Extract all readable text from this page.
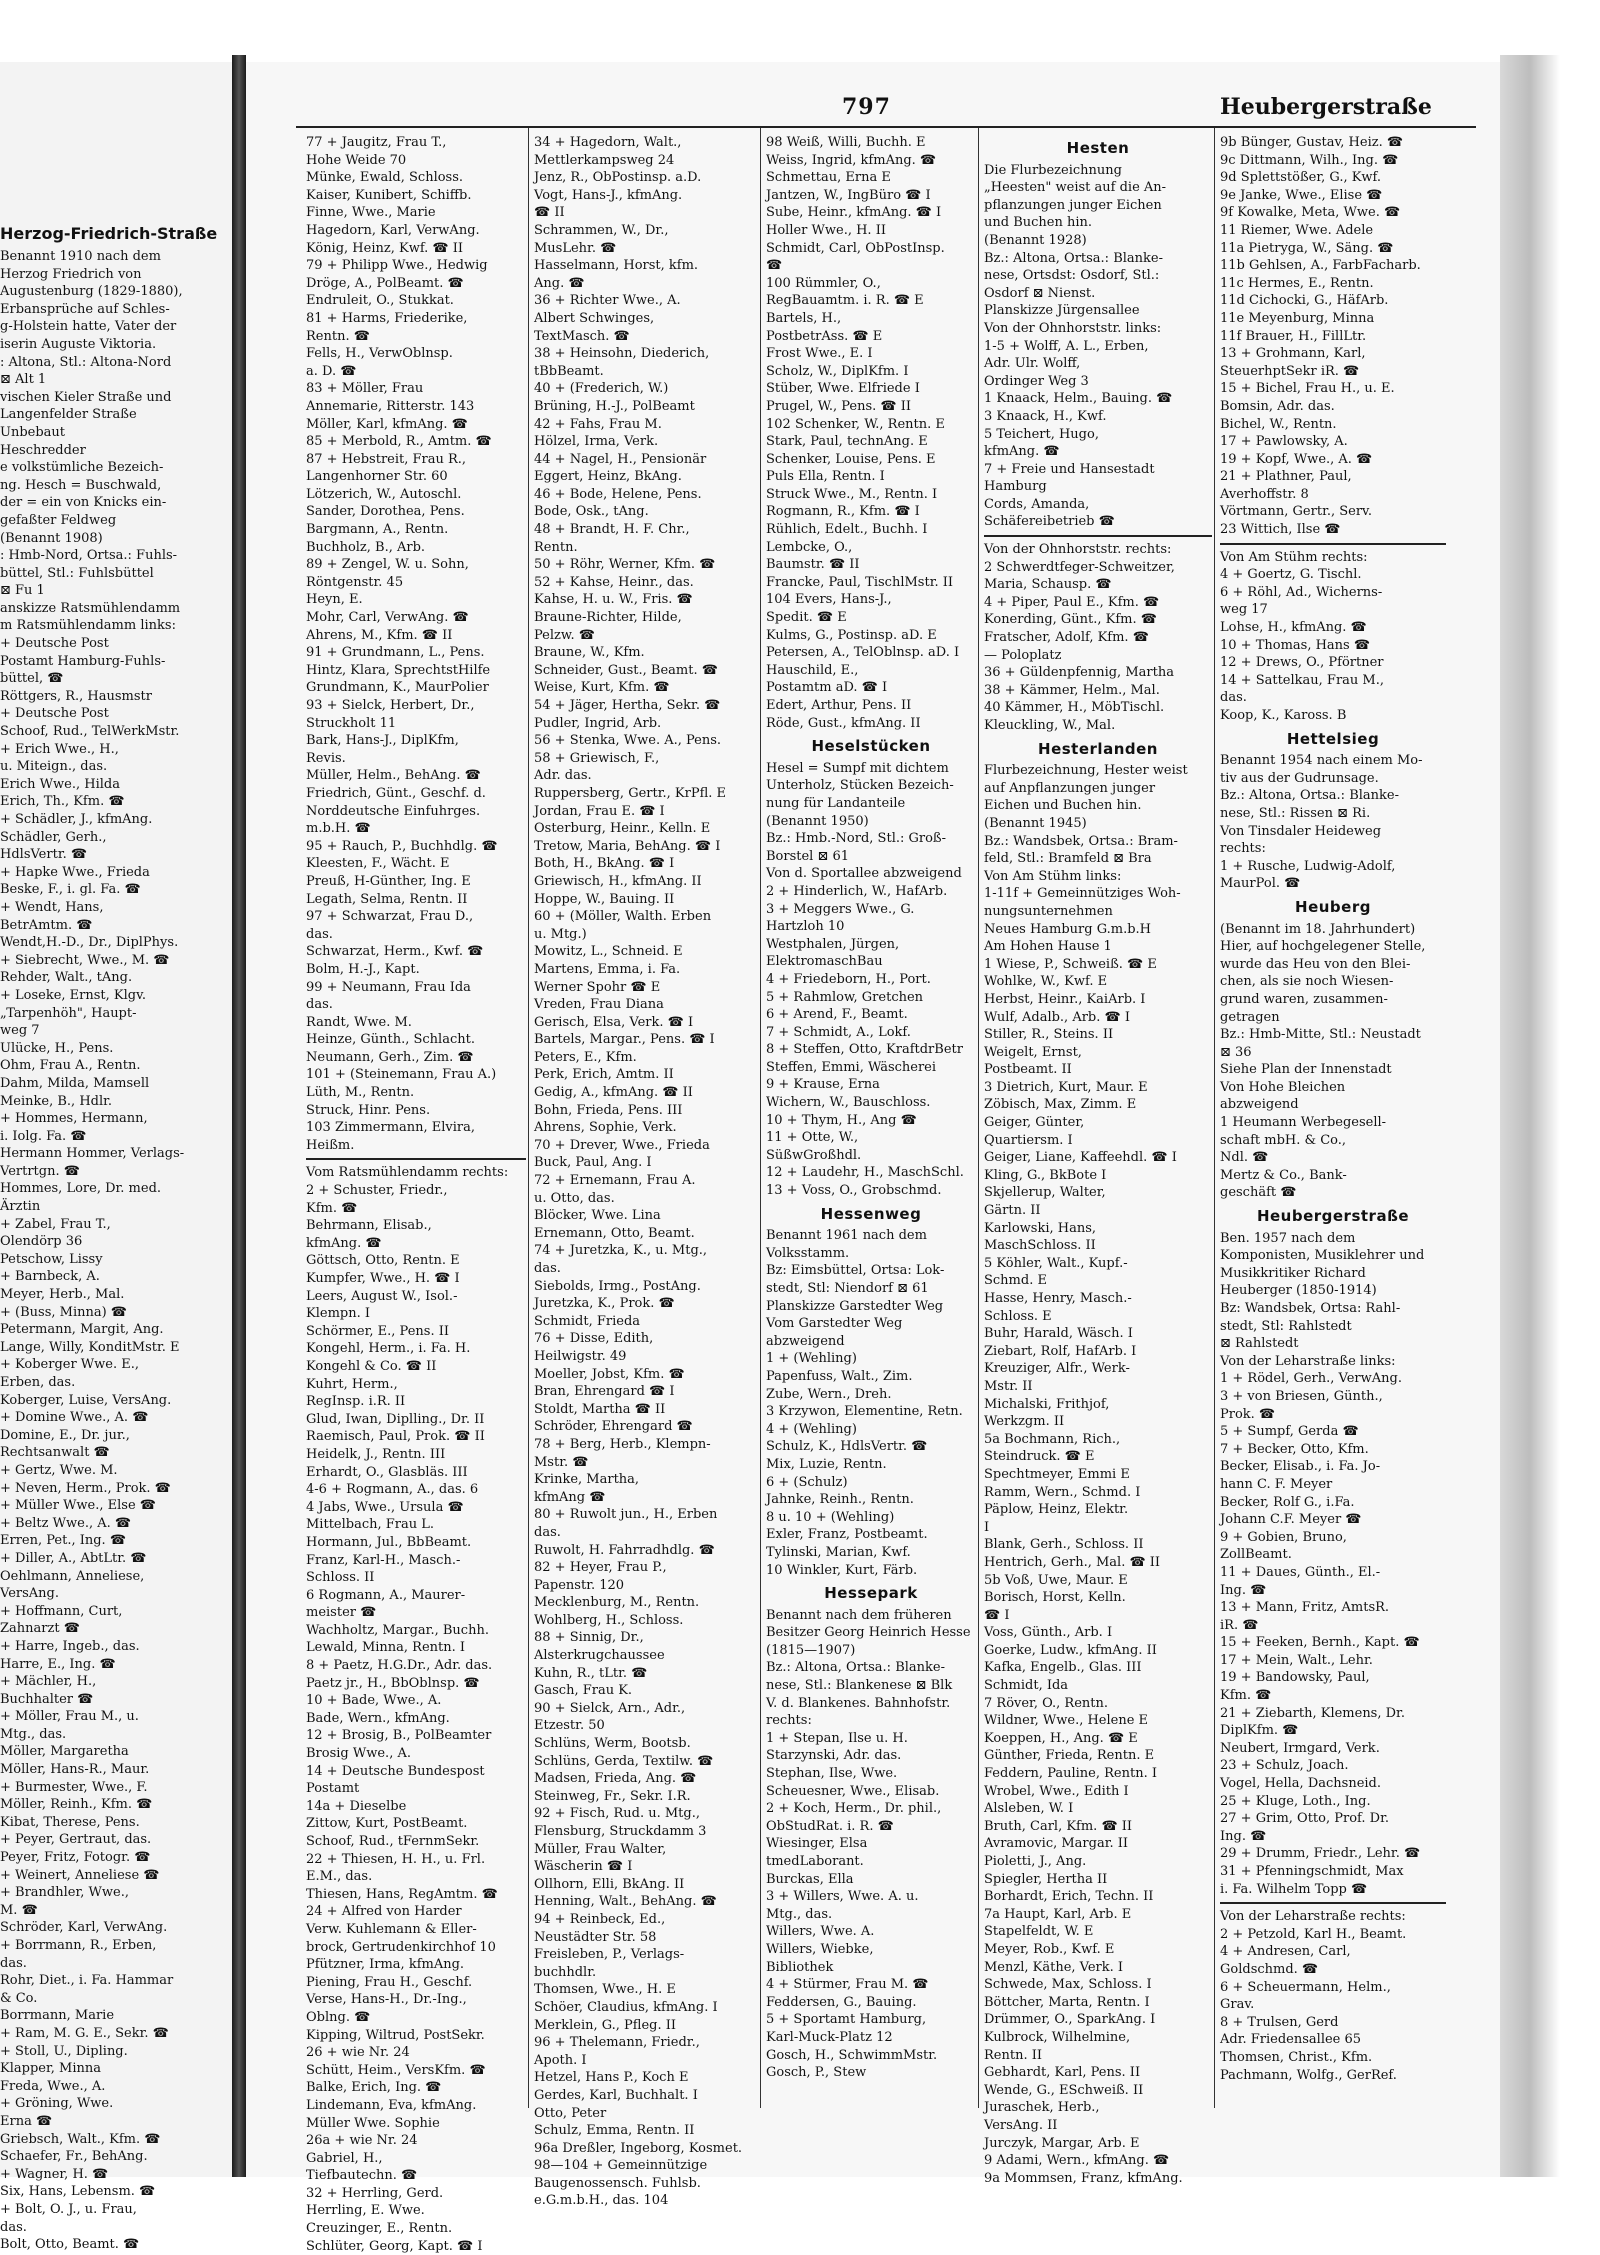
Herzog-Friedrich-Straße
Benannt 1910 nach dem
Herzog Friedrich von
Augustenburg (1829-1880),
Erbansprüche auf Schles-
g-Holstein hatte, Vater der
iserin Auguste Viktoria.
: Altona, Stl.: Altona-Nord
⊠ Alt 1
vischen Kieler Straße und
Langenfelder Straße
Unbebaut
Heschredder
e volkstümliche Bezeich-
ng. Hesch = Buschwald,
der = ein von Knicks ein-
gefaßter Feldweg
(Benannt 1908)
: Hmb-Nord, Ortsa.: Fuhls-
büttel, Stl.: Fuhlsbüttel
⊠ Fu 1
anskizze Ratsmühlendamm
m Ratsmühlendamm links:
+ Deutsche Post
Postamt Hamburg-Fuhls-
büttel, ☎
Röttgers, R., Hausmstr
+ Deutsche Post
Schoof, Rud., TelWerkMstr.
+ Erich Wwe., H.,
u. Miteign., das.
Erich Wwe., Hilda
Erich, Th., Kfm. ☎
+ Schädler, J., kfmAng.
Schädler, Gerh.,
HdlsVertr. ☎
+ Hapke Wwe., Frieda
Beske, F., i. gl. Fa. ☎
+ Wendt, Hans,
BetrAmtm. ☎
Wendt,H.-D., Dr., DiplPhys.
+ Siebrecht, Wwe., M. ☎
Rehder, Walt., tAng.
+ Loseke, Ernst, Klgv.
„Tarpenhöh", Haupt-
weg 7
Ulücke, H., Pens.
Ohm, Frau A., Rentn.
Dahm, Milda, Mamsell
Meinke, B., Hdlr.
+ Hommes, Hermann,
i. Iolg. Fa. ☎
Hermann Hommer, Verlags-
Vertrtgn. ☎
Hommes, Lore, Dr. med.
Ärztin
+ Zabel, Frau T.,
Olendörp 36
Petschow, Lissy
+ Barnbeck, A.
Meyer, Herb., Mal.
+ (Buss, Minna) ☎
Petermann, Margit, Ang.
Lange, Willy, KonditMstr. E
+ Koberger Wwe. E.,
Erben, das.
Koberger, Luise, VersAng.
+ Domine Wwe., A. ☎
Domine, E., Dr. jur.,
Rechtsanwalt ☎
+ Gertz, Wwe. M.
+ Neven, Herm., Prok. ☎
+ Müller Wwe., Else ☎
+ Beltz Wwe., A. ☎
Erren, Pet., Ing. ☎
+ Diller, A., AbtLtr. ☎
Oehlmann, Anneliese,
VersAng.
+ Hoffmann, Curt,
Zahnarzt ☎
+ Harre, Ingeb., das.
Harre, E., Ing. ☎
+ Mächler, H.,
Buchhalter ☎
+ Möller, Frau M., u.
Mtg., das.
Möller, Margaretha
Möller, Hans-R., Maur.
+ Burmester, Wwe., F.
Möller, Reinh., Kfm. ☎
Kibat, Therese, Pens.
+ Peyer, Gertraut, das.
Peyer, Fritz, Fotogr. ☎
+ Weinert, Anneliese ☎
+ Brandhler, Wwe.,
M. ☎
Schröder, Karl, VerwAng.
+ Borrmann, R., Erben,
das.
Rohr, Diet., i. Fa. Hammar
& Co.
Borrmann, Marie
+ Ram, M. G. E., Sekr. ☎
+ Stoll, U., Dipling.
Klapper, Minna
Freda, Wwe., A.
+ Gröning, Wwe.
Erna ☎
Griebsch, Walt., Kfm. ☎
Schaefer, Fr., BehAng.
+ Wagner, H. ☎
Six, Hans, Lebensm. ☎
+ Bolt, O. J., u. Frau,
das.
Bolt, Otto, Beamt. ☎
797	Heubergerstraße
77 + Jaugitz, Frau T.,
Hohe Weide 70
Münke, Ewald, Schloss.
Kaiser, Kunibert, Schiffb.
Finne, Wwe., Marie
Hagedorn, Karl, VerwAng.
König, Heinz, Kwf. ☎ II
79 + Philipp Wwe., Hedwig
Dröge, A., PolBeamt. ☎
Endruleit, O., Stukkat.
81 + Harms, Friederike,
Rentn. ☎
Fells, H., VerwOblnsp.
a. D. ☎
83 + Möller, Frau
Annemarie, Ritterstr. 143
Möller, Karl, kfmAng. ☎
85 + Merbold, R., Amtm. ☎
87 + Hebstreit, Frau R.,
Langenhorner Str. 60
Lötzerich, W., Autoschl.
Sander, Dorothea, Pens.
Bargmann, A., Rentn.
Buchholz, B., Arb.
89 + Zengel, W. u. Sohn,
Röntgenstr. 45
Heyn, E.
Mohr, Carl, VerwAng. ☎
Ahrens, M., Kfm. ☎ II
91 + Grundmann, L., Pens.
Hintz, Klara, SprechtstHilfe
Grundmann, K., MaurPolier
93 + Sielck, Herbert, Dr.,
Struckholt 11
Bark, Hans-J., DiplKfm,
Revis.
Müller, Helm., BehAng. ☎
Friedrich, Günt., Geschf. d.
Norddeutsche Einfuhrges.
m.b.H. ☎
95 + Rauch, P., Buchhdlg. ☎
Kleesten, F., Wächt. E
Preuß, H-Günther, Ing. E
Legath, Selma, Rentn. II
97 + Schwarzat, Frau D.,
das.
Schwarzat, Herm., Kwf. ☎
Bolm, H.-J., Kapt.
99 + Neumann, Frau Ida
das.
Randt, Wwe. M.
Heinze, Günth., Schlacht.
Neumann, Gerh., Zim. ☎
101 + (Steinemann, Frau A.)
Lüth, M., Rentn.
Struck, Hinr. Pens.
103 Zimmermann, Elvira,
Heißm.
Vom Ratsmühlendamm rechts:
2 + Schuster, Friedr.,
Kfm. ☎
Behrmann, Elisab.,
kfmAng. ☎
Göttsch, Otto, Rentn. E
Kumpfer, Wwe., H. ☎ I
Leers, August W., Isol.-
Klempn. I
Schörmer, E., Pens. II
Kongehl, Herm., i. Fa. H.
Kongehl & Co. ☎ II
Kuhrt, Herm.,
RegInsp. i.R. II
Glud, Iwan, Diplling., Dr. II
Raemisch, Paul, Prok. ☎ II
Heidelk, J., Rentn. III
Erhardt, O., Glasbläs. III
4-6 + Rogmann, A., das. 6
4 Jabs, Wwe., Ursula ☎
Mittelbach, Frau L.
Hormann, Jul., BbBeamt.
Franz, Karl-H., Masch.-
Schloss. II
6 Rogmann, A., Maurer-
meister ☎
Wachholtz, Margar., Buchh.
Lewald, Minna, Rentn. I
8 + Paetz, H.G.Dr., Adr. das.
Paetz jr., H., BbOblnsp. ☎
10 + Bade, Wwe., A.
Bade, Wern., kfmAng.
12 + Brosig, B., PolBeamter
Brosig Wwe., A.
14 + Deutsche Bundespost
Postamt
14a + Dieselbe
Zittow, Kurt, PostBeamt.
Schoof, Rud., tFernmSekr.
22 + Thiesen, H. H., u. Frl.
E.M., das.
Thiesen, Hans, RegAmtm. ☎
24 + Alfred von Harder
Verw. Kuhlemann & Eller-
brock, Gertrudenkirchhof 10
Pfützner, Irma, kfmAng.
Piening, Frau H., Geschf.
Verse, Hans-H., Dr.-Ing.,
Oblng. ☎
Kipping, Wiltrud, PostSekr.
26 + wie Nr. 24
Schütt, Heim., VersKfm. ☎
Balke, Erich, Ing. ☎
Lindemann, Eva, kfmAng.
Müller Wwe. Sophie
26a + wie Nr. 24
Gabriel, H.,
Tiefbautechn. ☎
32 + Herrling, Gerd.
Herrling, E. Wwe.
Creuzinger, E., Rentn.
Schlüter, Georg, Kapt. ☎ I
34 + Hagedorn, Walt.,
Mettlerkampsweg 24
Jenz, R., ObPostinsp. a.D.
Vogt, Hans-J., kfmAng.
☎ II
Schrammen, W., Dr.,
MusLehr. ☎
Hasselmann, Horst, kfm.
Ang. ☎
36 + Richter Wwe., A.
Albert Schwinges,
TextMasch. ☎
38 + Heinsohn, Diederich,
tBbBeamt.
40 + (Frederich, W.)
Brüning, H.-J., PolBeamt
42 + Fahs, Frau M.
Hölzel, Irma, Verk.
44 + Nagel, H., Pensionär
Eggert, Heinz, BkAng.
46 + Bode, Helene, Pens.
Bode, Osk., tAng.
48 + Brandt, H. F. Chr.,
Rentn.
50 + Röhr, Werner, Kfm. ☎
52 + Kahse, Heinr., das.
Kahse, H. u. W., Fris. ☎
Braune-Richter, Hilde,
Pelzw. ☎
Braune, W., Kfm.
Schneider, Gust., Beamt. ☎
Weise, Kurt, Kfm. ☎
54 + Jäger, Hertha, Sekr. ☎
Pudler, Ingrid, Arb.
56 + Stenka, Wwe. A., Pens.
58 + Griewisch, F.,
Adr. das.
Ruppersberg, Gertr., KrPfl. E
Jordan, Frau E. ☎ I
Osterburg, Heinr., Kelln. E
Tretow, Maria, BehAng. ☎ I
Both, H., BkAng. ☎ I
Griewisch, H., kfmAng. II
Hoppe, W., Bauing. II
60 + (Möller, Walth. Erben
u. Mtg.)
Mowitz, L., Schneid. E
Martens, Emma, i. Fa.
Werner Spohr ☎ E
Vreden, Frau Diana
Gerisch, Elsa, Verk. ☎ I
Bartels, Margar., Pens. ☎ I
Peters, E., Kfm.
Perk, Erich, Amtm. II
Gedig, A., kfmAng. ☎ II
Bohn, Frieda, Pens. III
Ahrens, Sophie, Verk.
70 + Drever, Wwe., Frieda
Buck, Paul, Ang. I
72 + Ernemann, Frau A.
u. Otto, das.
Blöcker, Wwe. Lina
Ernemann, Otto, Beamt.
74 + Juretzka, K., u. Mtg.,
das.
Siebolds, Irmg., PostAng.
Juretzka, K., Prok. ☎
Schmidt, Frieda
76 + Disse, Edith,
Heilwigstr. 49
Moeller, Jobst, Kfm. ☎
Bran, Ehrengard ☎ I
Stoldt, Martha ☎ II
Schröder, Ehrengard ☎
78 + Berg, Herb., Klempn-
Mstr. ☎
Krinke, Martha,
kfmAng ☎
80 + Ruwolt jun., H., Erben
das.
Ruwolt, H. Fahrradhdlg. ☎
82 + Heyer, Frau P.,
Papenstr. 120
Mecklenburg, M., Rentn.
Wohlberg, H., Schloss.
88 + Sinnig, Dr.,
Alsterkrugchaussee
Kuhn, R., tLtr. ☎
Gasch, Frau K.
90 + Sielck, Arn., Adr.,
Etzestr. 50
Schlüns, Werm, Bootsb.
Schlüns, Gerda, Textilw. ☎
Madsen, Frieda, Ang. ☎
Steinweg, Fr., Sekr. I.R.
92 + Fisch, Rud. u. Mtg.,
Flensburg, Struckdamm 3
Müller, Frau Walter,
Wäscherin ☎ I
Ollhorn, Elli, BkAng. II
Henning, Walt., BehAng. ☎
94 + Reinbeck, Ed.,
Neustädter Str. 58
Freisleben, P., Verlags-
buchhdlr.
Thomsen, Wwe., H. E
Schöer, Claudius, kfmAng. I
Merklein, G., Pfleg. II
96 + Thelemann, Friedr.,
Apoth. I
Hetzel, Hans P., Koch E
Gerdes, Karl, Buchhalt. I
Otto, Peter
Schulz, Emma, Rentn. II
96a Dreßler, Ingeborg, Kosmet.
98—104 + Gemeinnützige
Baugenossensch. Fuhlsb.
e.G.m.b.H., das. 104
98 Weiß, Willi, Buchh. E
Weiss, Ingrid, kfmAng. ☎
Schmettau, Erna E
Jantzen, W., IngBüro ☎ I
Sube, Heinr., kfmAng. ☎ I
Holler Wwe., H. II
Schmidt, Carl, ObPostInsp.
☎
100 Rümmler, O.,
RegBauamtm. i. R. ☎ E
Bartels, H.,
PostbetrAss. ☎ E
Frost Wwe., E. I
Scholz, W., DiplKfm. I
Stüber, Wwe. Elfriede I
Prugel, W., Pens. ☎ II
102 Schenker, W., Rentn. E
Stark, Paul, technAng. E
Schenker, Louise, Pens. E
Puls Ella, Rentn. I
Struck Wwe., M., Rentn. I
Rogmann, R., Kfm. ☎ I
Rühlich, Edelt., Buchh. I
Lembcke, O.,
Baumstr. ☎ II
Francke, Paul, TischlMstr. II
104 Evers, Hans-J.,
Spedit. ☎ E
Kulms, G., Postinsp. aD. E
Petersen, A., TelOblnsp. aD. I
Hauschild, E.,
Postamtm aD. ☎ I
Edert, Arthur, Pens. II
Röde, Gust., kfmAng. II
Heselstücken
Hesel = Sumpf mit dichtem
Unterholz, Stücken Bezeich-
nung für Landanteile
(Benannt 1950)
Bz.: Hmb.-Nord, Stl.: Groß-
Borstel ⊠ 61
Von d. Sportallee abzweigend
2 + Hinderlich, W., HafArb.
3 + Meggers Wwe., G.
Hartzloh 10
Westphalen, Jürgen,
ElektromaschBau
4 + Friedeborn, H., Port.
5 + Rahmlow, Gretchen
6 + Arend, F., Beamt.
7 + Schmidt, A., Lokf.
8 + Steffen, Otto, KraftdrBetr
Steffen, Emmi, Wäscherei
9 + Krause, Erna
Wichern, W., Bauschloss.
10 + Thym, H., Ang ☎
11 + Otte, W.,
SüßwGroßhdl.
12 + Laudehr, H., MaschSchl.
13 + Voss, O., Grobschmd.
Hessenweg
Benannt 1961 nach dem
Volksstamm.
Bz: Eimsbüttel, Ortsa: Lok-
stedt, Stl: Niendorf ⊠ 61
Planskizze Garstedter Weg
Vom Garstedter Weg
abzweigend
1 + (Wehling)
Papenfuss, Walt., Zim.
Zube, Wern., Dreh.
3 Krzywon, Elementine, Retn.
4 + (Wehling)
Schulz, K., HdlsVertr. ☎
Mix, Luzie, Rentn.
6 + (Schulz)
Jahnke, Reinh., Rentn.
8 u. 10 + (Wehling)
Exler, Franz, Postbeamt.
Tylinski, Marian, Kwf.
10 Winkler, Kurt, Färb.
Hessepark
Benannt nach dem früheren
Besitzer Georg Heinrich Hesse
(1815—1907)
Bz.: Altona, Ortsa.: Blanke-
nese, Stl.: Blankenese ⊠ Blk
V. d. Blankenes. Bahnhofstr.
rechts:
1 + Stepan, Ilse u. H.
Starzynski, Adr. das.
Stephan, Ilse, Wwe.
Scheuesner, Wwe., Elisab.
2 + Koch, Herm., Dr. phil.,
ObStudRat. i. R. ☎
Wiesinger, Elsa
tmedLaborant.
Burckas, Ella
3 + Willers, Wwe. A. u.
Mtg., das.
Willers, Wwe. A.
Willers, Wiebke,
Bibliothek
4 + Stürmer, Frau M. ☎
Feddersen, G., Bauing.
5 + Sportamt Hamburg,
Karl-Muck-Platz 12
Gosch, H., SchwimmMstr.
Gosch, P., Stew
Hesten
Die Flurbezeichnung
„Heesten" weist auf die An-
pflanzungen junger Eichen
und Buchen hin.
(Benannt 1928)
Bz.: Altona, Ortsa.: Blanke-
nese, Ortsdst: Osdorf, Stl.:
Osdorf ⊠ Nienst.
Planskizze Jürgensallee
Von der Ohnhorststr. links:
1-5 + Wolff, A. L., Erben,
Adr. Ulr. Wolff,
Ordinger Weg 3
1 Knaack, Helm., Bauing. ☎
3 Knaack, H., Kwf.
5 Teichert, Hugo,
kfmAng. ☎
7 + Freie und Hansestadt
Hamburg
Cords, Amanda,
Schäfereibetrieb ☎
Von der Ohnhorststr. rechts:
2 Schwerdtfeger-Schweitzer,
Maria, Schausp. ☎
4 + Piper, Paul E., Kfm. ☎
Konerding, Günt., Kfm. ☎
Fratscher, Adolf, Kfm. ☎
— Poloplatz
36 + Güldenpfennig, Martha
38 + Kämmer, Helm., Mal.
40 Kämmer, H., MöbTischl.
Kleuckling, W., Mal.
Hesterlanden
Flurbezeichnung, Hester weist
auf Anpflanzungen junger
Eichen und Buchen hin.
(Benannt 1945)
Bz.: Wandsbek, Ortsa.: Bram-
feld, Stl.: Bramfeld ⊠ Bra
Von Am Stühm links:
1-11f + Gemeinnütziges Woh-
nungsunternehmen
Neues Hamburg G.m.b.H
Am Hohen Hause 1
1 Wiese, P., Schweiß. ☎ E
Wohlke, W., Kwf. E
Herbst, Heinr., KaiArb. I
Wulf, Adalb., Arb. ☎ I
Stiller, R., Steins. II
Weigelt, Ernst,
Postbeamt. II
3 Dietrich, Kurt, Maur. E
Zöbisch, Max, Zimm. E
Geiger, Günter,
Quartiersm. I
Geiger, Liane, Kaffeehdl. ☎ I
Kling, G., BkBote I
Skjellerup, Walter,
Gärtn. II
Karlowski, Hans,
MaschSchloss. II
5 Köhler, Walt., Kupf.-
Schmd. E
Hasse, Henry, Masch.-
Schloss. E
Buhr, Harald, Wäsch. I
Ziebart, Rolf, HafArb. I
Kreuziger, Alfr., Werk-
Mstr. II
Michalski, Frithjof,
Werkzgm. II
5a Bochmann, Rich.,
Steindruck. ☎ E
Spechtmeyer, Emmi E
Ramm, Wern., Schmd. I
Päplow, Heinz, Elektr.
I
Blank, Gerh., Schloss. II
Hentrich, Gerh., Mal. ☎ II
5b Voß, Uwe, Maur. E
Borisch, Horst, Kelln.
☎ I
Voss, Günth., Arb. I
Goerke, Ludw., kfmAng. II
Kafka, Engelb., Glas. III
Schmidt, Ida
7 Röver, O., Rentn.
Wildner, Wwe., Helene E
Koeppen, H., Ang. ☎ E
Günther, Frieda, Rentn. E
Feddern, Pauline, Rentn. I
Wrobel, Wwe., Edith I
Alsleben, W. I
Bruth, Carl, Kfm. ☎ II
Avramovic, Margar. II
Pioletti, J., Ang.
Spiegler, Hertha II
Borhardt, Erich, Techn. II
7a Haupt, Karl, Arb. E
Stapelfeldt, W. E
Meyer, Rob., Kwf. E
Menzl, Käthe, Verk. I
Schwede, Max, Schloss. I
Böttcher, Marta, Rentn. I
Drümmer, O., SparkAng. I
Kulbrock, Wilhelmine,
Rentn. II
Gebhardt, Karl, Pens. II
Wende, G., ESchweiß. II
Juraschek, Herb.,
VersAng. II
Jurczyk, Margar, Arb. E
9 Adami, Wern., kfmAng. ☎
9a Mommsen, Franz, kfmAng.
9b Bünger, Gustav, Heiz. ☎
9c Dittmann, Wilh., Ing. ☎
9d Splettstößer, G., Kwf.
9e Janke, Wwe., Elise ☎
9f Kowalke, Meta, Wwe. ☎
11 Riemer, Wwe. Adele
11a Pietryga, W., Säng. ☎
11b Gehlsen, A., FarbFacharb.
11c Hermes, E., Rentn.
11d Cichocki, G., HäfArb.
11e Meyenburg, Minna
11f Brauer, H., FillLtr.
13 + Grohmann, Karl,
SteuerhptSekr iR. ☎
15 + Bichel, Frau H., u. E.
Bomsin, Adr. das.
Bichel, W., Rentn.
17 + Pawlowsky, A.
19 + Kopf, Wwe., A. ☎
21 + Plathner, Paul,
Averhoffstr. 8
Vörtmann, Gertr., Serv.
23 Wittich, Ilse ☎
Von Am Stühm rechts:
4 + Goertz, G. Tischl.
6 + Röhl, Ad., Wicherns-
weg 17
Lohse, H., kfmAng. ☎
10 + Thomas, Hans ☎
12 + Drews, O., Pförtner
14 + Sattelkau, Frau M.,
das.
Koop, K., Kaross. B
Hettelsieg
Benannt 1954 nach einem Mo-
tiv aus der Gudrunsage.
Bz.: Altona, Ortsa.: Blanke-
nese, Stl.: Rissen ⊠ Ri.
Von Tinsdaler Heideweg
rechts:
1 + Rusche, Ludwig-Adolf,
MaurPol. ☎
Heuberg
(Benannt im 18. Jahrhundert)
Hier, auf hochgelegener Stelle,
wurde das Heu von den Blei-
chen, als sie noch Wiesen-
grund waren, zusammen-
getragen
Bz.: Hmb-Mitte, Stl.: Neustadt
⊠ 36
Siehe Plan der Innenstadt
Von Hohe Bleichen
abzweigend
1 Heumann Werbegesell-
schaft mbH. & Co.,
Ndl. ☎
Mertz & Co., Bank-
geschäft ☎
Heubergerstraße
Ben. 1957 nach dem
Komponisten, Musiklehrer und
Musikkritiker Richard
Heuberger (1850-1914)
Bz: Wandsbek, Ortsa: Rahl-
stedt, Stl: Rahlstedt
⊠ Rahlstedt
Von der Leharstraße links:
1 + Rödel, Gerh., VerwAng.
3 + von Briesen, Günth.,
Prok. ☎
5 + Sumpf, Gerda ☎
7 + Becker, Otto, Kfm.
Becker, Elisab., i. Fa. Jo-
hann C. F. Meyer
Becker, Rolf G., i.Fa.
Johann C.F. Meyer ☎
9 + Gobien, Bruno,
ZollBeamt.
11 + Daues, Günth., El.-
Ing. ☎
13 + Mann, Fritz, AmtsR.
iR. ☎
15 + Feeken, Bernh., Kapt. ☎
17 + Mein, Walt., Lehr.
19 + Bandowsky, Paul,
Kfm. ☎
21 + Ziebarth, Klemens, Dr.
DiplKfm. ☎
Neubert, Irmgard, Verk.
23 + Schulz, Joach.
Vogel, Hella, Dachsneid.
25 + Kluge, Loth., Ing.
27 + Grim, Otto, Prof. Dr.
Ing. ☎
29 + Drumm, Friedr., Lehr. ☎
31 + Pfenningschmidt, Max
i. Fa. Wilhelm Topp ☎
Von der Leharstraße rechts:
2 + Petzold, Karl H., Beamt.
4 + Andresen, Carl,
Goldschmd. ☎
6 + Scheuermann, Helm.,
Grav.
8 + Trulsen, Gerd
Adr. Friedensallee 65
Thomsen, Christ., Kfm.
Pachmann, Wolfg., GerRef.
